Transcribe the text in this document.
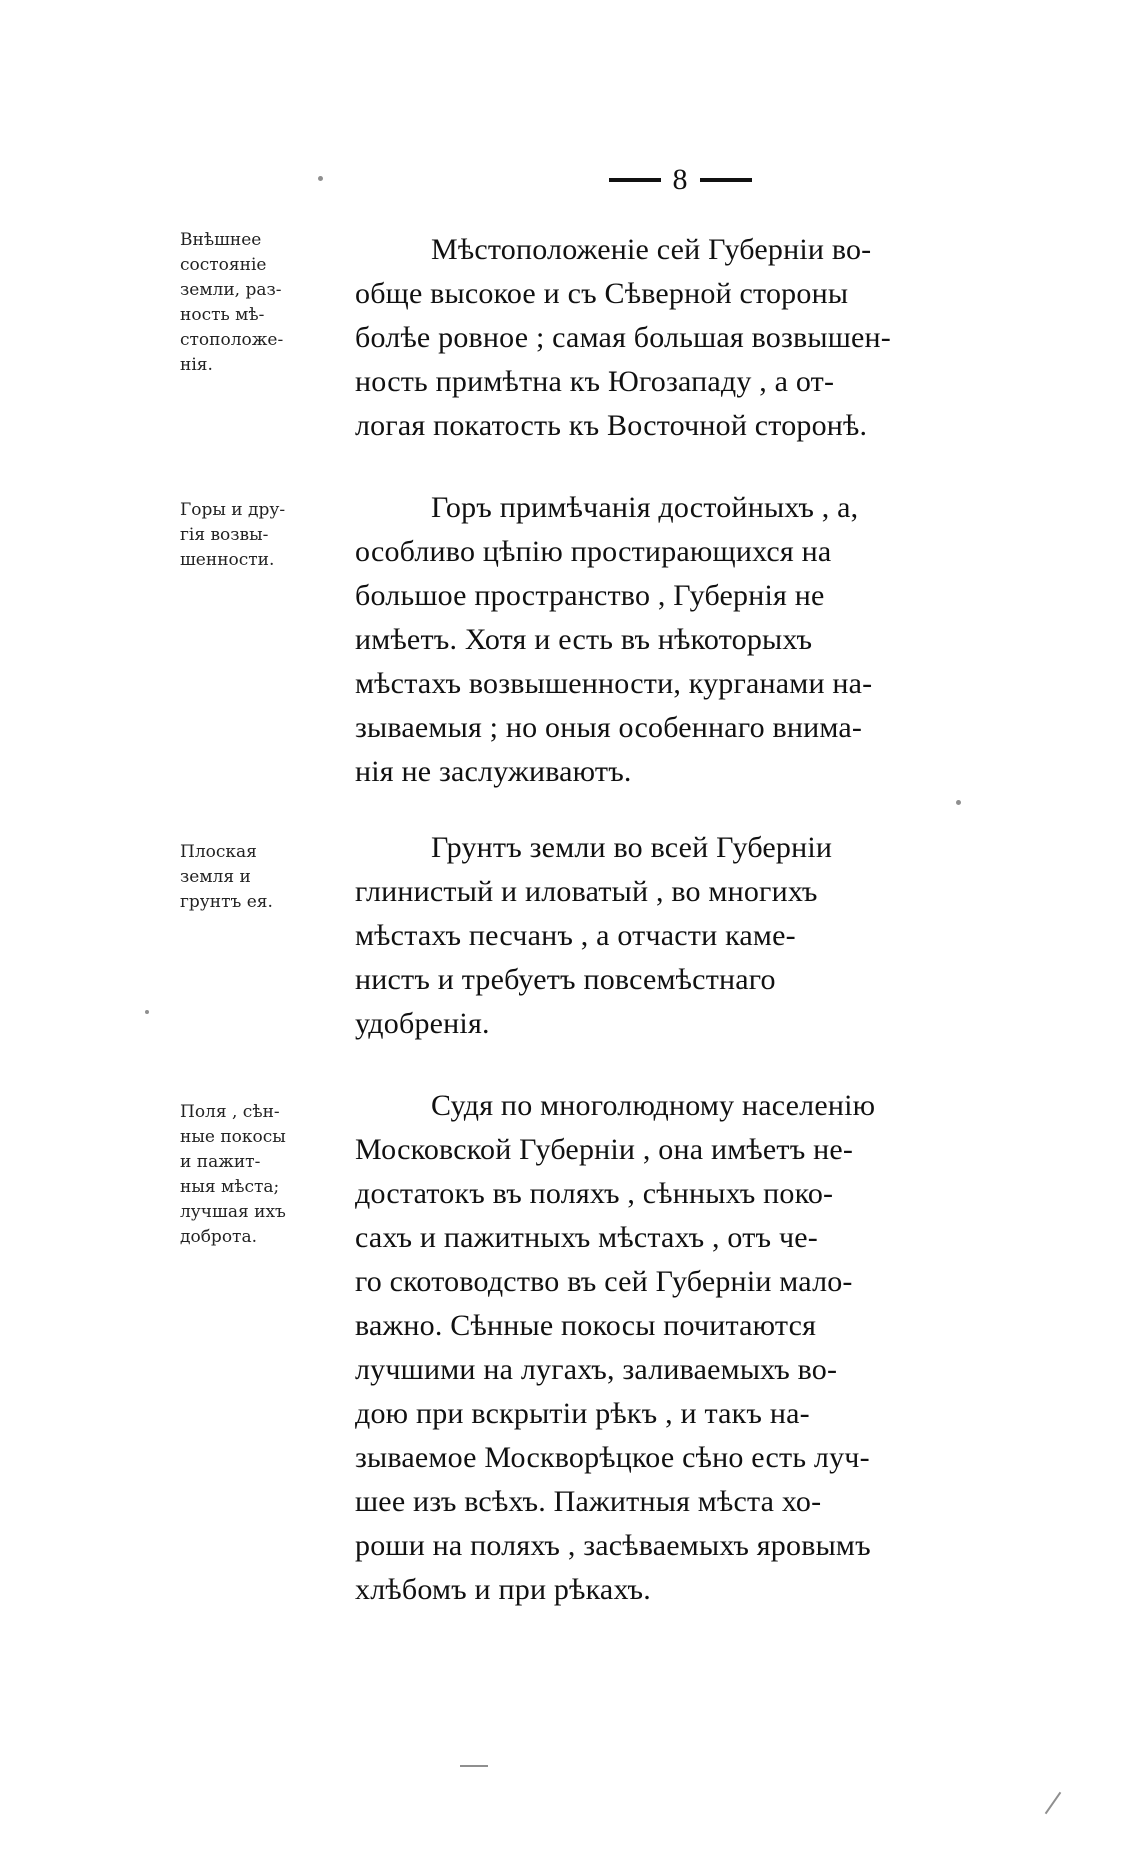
8
Внѣшнее
состояніе
земли, раз-
ность мѣ-
стоположе-
нія.
Мѣстоположеніе сей Губерніи во-
обще высокое и съ Сѣверной стороны
болѣе ровное ; самая большая возвышен-
ность примѣтна къ Югозападу , а от-
логая покатость къ Восточной сторонѣ.
Горы и дру-
гія возвы-
шенности.
Горъ примѣчанія достойныхъ , а,
особливо цѣпію простирающихся на
большое пространство , Губернія не
имѣетъ. Хотя и есть въ нѣкоторыхъ
мѣстахъ возвышенности, курганами на-
зываемыя ; но оныя особеннаго внима-
нія не заслуживаютъ.
Плоская
земля и
грунтъ ея.
Грунтъ земли во всей Губерніи
глинистый и иловатый , во многихъ
мѣстахъ песчанъ , а отчасти каме-
нистъ и требуетъ повсемѣстнаго
удобренія.
Поля , сѣн-
ные покосы
и пажит-
ныя мѣста;
лучшая ихъ
доброта.
Судя по многолюдному населенію
Московской Губерніи , она имѣетъ не-
достатокъ въ поляхъ , сѣнныхъ поко-
сахъ и пажитныхъ мѣстахъ , отъ че-
го скотоводство въ сей Губерніи мало-
важно. Сѣнные покосы почитаются
лучшими на лугахъ, заливаемыхъ во-
дою при вскрытіи рѣкъ , и такъ на-
зываемое Москворѣцкое сѣно есть луч-
шее изъ всѣхъ. Пажитныя мѣста хо-
роши на поляхъ , засѣваемыхъ яровымъ
хлѣбомъ и при рѣкахъ.
